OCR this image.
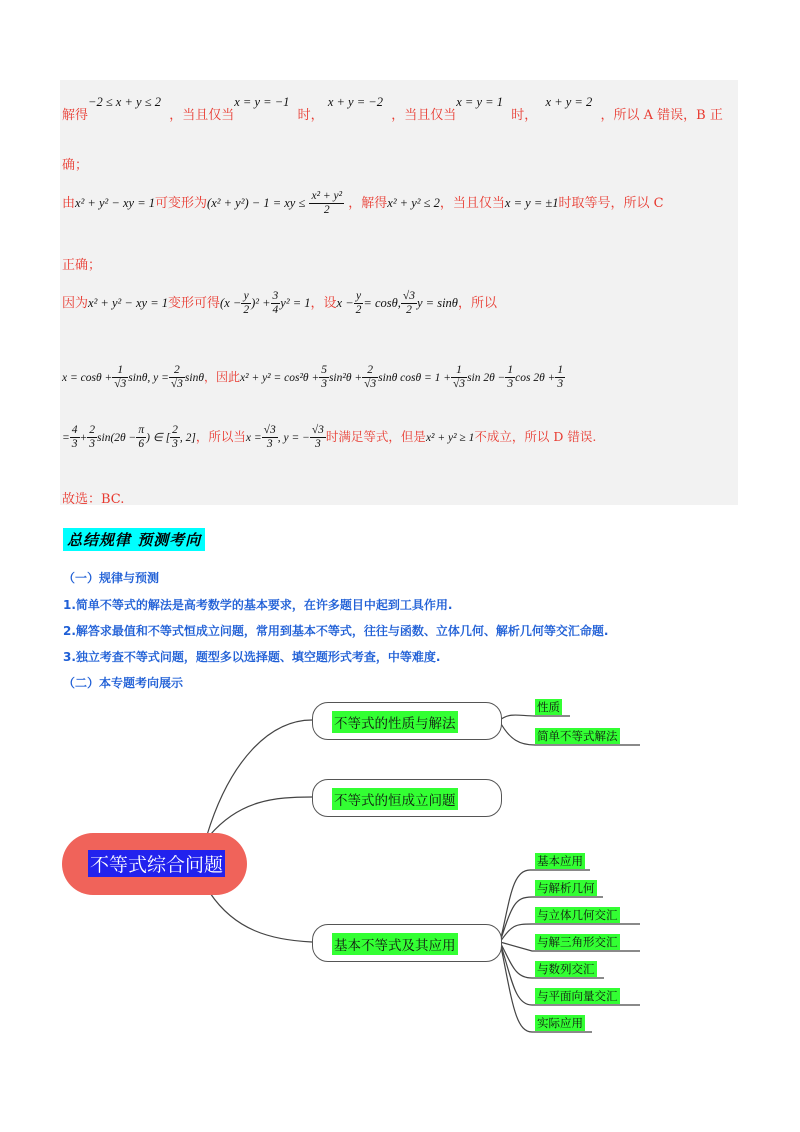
解得−2 ≤ x + y ≤ 2  ，当且仅当x = y = −1  时， x + y = −2  ，当且仅当x = y = 1  时，  x + y = 2  ，所以 A 错误，B 正
确；
由x² + y² − xy = 1可变形为(x² + y²) − 1 = xy ≤ $\frac{\text{x² + y²}}{2}$ ，解得x² + y² ≤ 2，当且仅当x = y = ±1时取等号，所以 C
正确；
因为x² + y² − xy = 1变形可得$(x - \frac{y}{2} )^2 + \frac{3}{4} y^2 = 1$，设$x - \frac{y}{2} = \cos\theta$, $\frac{√3}{2}$ y = sinθ，所以
$x = \cos\theta + \frac{1}{√3} \sin\theta$, $y = \frac{2}{√3}$ sinθ，因此$x^2 + y^2 = \cos^2\theta + \frac{5}{3} \sin^2\theta + \frac{2}{√3}$ sinθ $\cos\theta = 1 + \frac{1}{√3}$ $\sin 2\theta - \frac{1}{3}$ $\cos 2\theta + \frac{1}{3}$
= $\frac{4}{3} + \frac{2}{3} \sin(2\theta - \frac{\pi}{6}$ ) ∈ [ $\frac{2}{3}$ , 2]，所以当$x = \frac{√3}{3}$ , y = − $\frac{√3}{3}$ 时满足等式，但是x² + y² ≥ 1不成立，所以 D 错误.
故选：BC.
总结规律 预测考向
（一）规律与预测
1.简单不等式的解法是高考数学的基本要求，在许多题目中起到工具作用.
2.解答求最值和不等式恒成立问题，常用到基本不等式，往往与函数、立体几何、解析几何等交汇命题.
3.独立考查不等式问题，题型多以选择题、填空题形式考查，中等难度.
（二）本专题考向展示
不等式综合问题
不等式的性质与解法
不等式的恒成立问题
基本不等式及其应用
性质
简单不等式解法
基本应用
与解析几何
与立体几何交汇
与解三角形交汇
与数列交汇
与平面向量交汇
实际应用
